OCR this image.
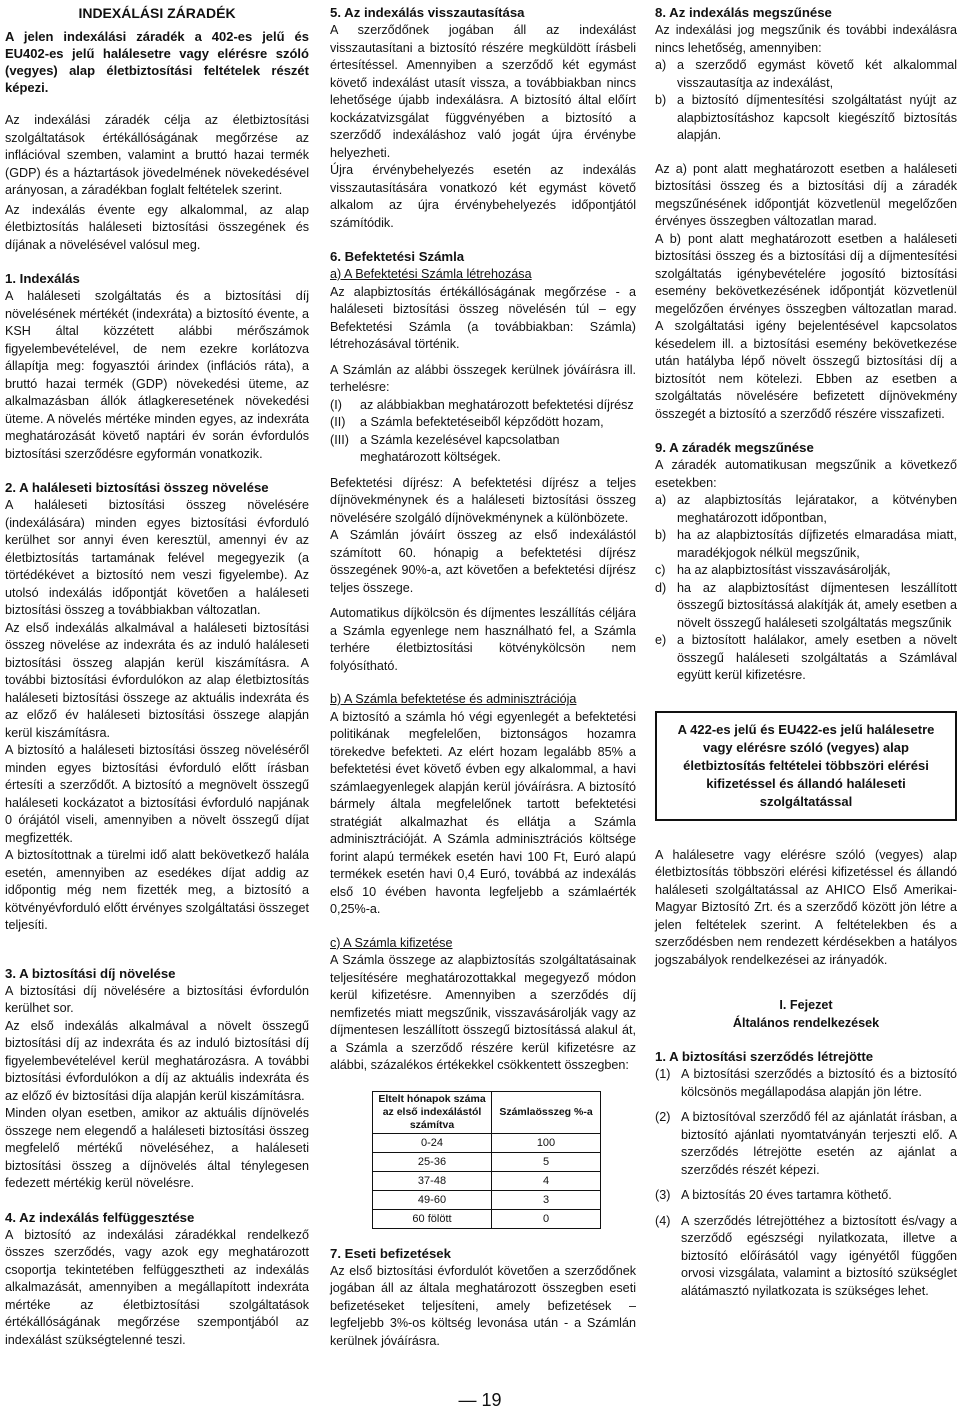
INDEXÁLÁSI ZÁRADÉK

A jelen indexálási záradék a 402-es jelű és EU402-es jelű halálesetre vagy elérésre szóló (vegyes) alap életbiztosítási feltételek részét képezi.

Az indexálási záradék célja az életbiztosítási szolgáltatások értékállóságának megőrzése az inflációval szemben, valamint a bruttó hazai termék (GDP) és a háztartások jövedelmének növekedésével arányosan, a záradékban foglalt feltételek szerint.

Az indexálás évente egy alkalommal, az alap életbiztosítás haláleseti biztosítási összegének és díjának a növelésével valósul meg.

1. Indexálás

A haláleseti szolgáltatás és a biztosítási díj növelésének mértékét (indexráta) a biztosító évente, a KSH által közzétett alábbi mérőszámok figyelembevételével, de nem ezekre korlátozva állapítja meg: fogyasztói árindex (inflációs ráta), a bruttó hazai termék (GDP) növekedési üteme, az alkalmazásban állók átlagkeresetének növekedési üteme. A növelés mértéke minden egyes, az indexráta meghatározását követő naptári év során évfordulós biztosítási szerződésre egyformán vonatkozik.

2. A haláleseti biztosítási összeg növelése

A haláleseti biztosítási összeg növelésére (indexálására) minden egyes biztosítási évforduló kerülhet sor annyi éven keresztül, amennyi év az életbiztosítás tartamának felével megegyezik (a törtédékévet a biztosító nem veszi figyelembe). Az utolsó indexálás időpontját követően a haláleseti biztosítási összeg a továbbiakban változatlan.

Az első indexálás alkalmával a haláleseti biztosítási összeg növelése az indexráta és az induló haláleseti biztosítási összeg alapján kerül kiszámításra. A további biztosítási évfordulókon az alap életbiztosítás haláleseti biztosítási összege az aktuális indexráta és az előző év haláleseti biztosítási összege alapján kerül kiszámításra.

A biztosító a haláleseti biztosítási összeg növeléséről minden egyes biztosítási évforduló előtt írásban értesíti a szerződőt. A biztosító a megnövelt összegű haláleseti kockázatot a biztosítási évforduló napjának 0 órájától viseli, amennyiben a növelt összegű díjat megfizették.

A biztosítottnak a türelmi idő alatt bekövetkező halála esetén, amennyiben az esedékes díjat addig az időpontig még nem fizették meg, a biztosító a kötvényévforduló előtt érvényes szolgáltatási összeget teljesíti.

3. A biztosítási díj növelése

A biztosítási díj növelésére a biztosítási évfordulón kerülhet sor.

Az első indexálás alkalmával a növelt összegű biztosítási díj az indexráta és az induló biztosítási díj figyelembevételével kerül meghatározásra. A további biztosítási évfordulókon a díj az aktuális indexráta és az előző év biztosítási díja alapján kerül kiszámításra.

Minden olyan esetben, amikor az aktuális díjnövelés összege nem elegendő a haláleseti biztosítási összeg megfelelő mértékű növeléséhez, a haláleseti biztosítási összeg a díjnövelés által ténylegesen fedezett mértékig kerül növelésre.

4. Az indexálás felfüggesztése

A biztosító az indexálási záradékkal rendelkező összes szerződés, vagy azok egy meghatározott csoportja tekintetében felfüggesztheti az indexálás alkalmazását, amennyiben a megállapított indexráta mértéke az életbiztosítási szolgáltatások értékállóságának megőrzése szempontjából az indexálást szükségtelenné teszi.

5. Az indexálás visszautasítása

A szerződőnek jogában áll az indexálást visszautasítani a biztosító részére megküldött írásbeli értesítéssel. Amennyiben a szerződő két egymást követő indexálást utasít vissza, a továbbiakban nincs lehetősége újabb indexálásra. A biztosító által előírt kockázatvizsgálat függvényében a biztosító a szerződő indexáláshoz való jogát újra érvénybe helyezheti.

Újra érvénybehelyezés esetén az indexálás visszautasítására vonatkozó két egymást követő alkalom az újra érvénybehelyezés időpontjától számítódik.

6. Befektetési Számla

a) A Befektetési Számla létrehozása

Az alapbiztosítás értékállóságának megőrzése - a haláleseti biztosítási összeg növelésén túl – egy Befektetési Számla (a továbbiakban: Számla) létrehozásával történik.

A Számlán az alábbi összegek kerülnek jóváírásra ill. terhelésre:

(I)	az alábbiakban meghatározott befektetési díjrész
(II)	a Számla befektetéseiből képződött hozam,
(III) a Számla kezelésével kapcsolatban meghatározott költségek.

Befektetési díjrész: A befektetési díjrész a teljes díjnövekménynek és a haláleseti biztosítási összeg növelésére szolgáló díjnövekménynek a különbözete.

A Számlán jóváírt összeg az első indexálástól számított 60. hónapig a befektetési díjrész összegének 90%-a, azt követően a befektetési díjrész teljes összege.

Automatikus díjkölcsön és díjmentes leszállítás céljára a Számla egyenlege nem használható fel, a Számla terhére életbiztosítási kötvénykölcsön nem folyósítható.

b) A Számla befektetése és adminisztrációja

A biztosító a számla hó végi egyenlegét a befektetési politikának megfelelően, biztonságos hozamra törekedve befekteti. Az elért hozam legalább 85% a befektetési évet követő évben egy alkalommal, a havi számlaegyenlegek alapján kerül jóváírásra. A biztosító bármely általa megfelelőnek tartott befektetési stratégiát alkalmazhat és ellátja a Számla adminisztrációját. A Számla adminisztrációs költsége forint alapú termékek esetén havi 100 Ft, Euró alapú termékek esetén havi 0,4 Euró, továbbá az indexálás első 10 évében havonta legfeljebb a számlaérték 0,25%-a.

c) A Számla kifizetése

A Számla összege az alapbiztosítás szolgáltatásainak teljesítésére meghatározottakkal megegyező módon kerül kifizetésre. Amennyiben a szerződés díj nemfizetés miatt megszűnik, visszavásárolják vagy az díjmentesen leszállított összegű biztosítássá alakul át, a Számla a szerződő részére kerül kifizetésre az alábbi, százalékos értékekkel csökkentett összegben:

Eltelt hónapok száma az első indexálástól számítva	Számlaösszeg %-a
0-24	100
25-36	5
37-48	4
49-60	3
60 fölött	0
7. Eseti befizetések

Az első biztosítási évfordulót követően a szerződőnek jogában áll az általa meghatározott összegben eseti befizetéseket teljesíteni, amely befizetések – legfeljebb 3%-os költség levonása után - a Számlán kerülnek jóváírásra.

8. Az indexálás megszűnése

Az indexálási jog megszűnik és további indexálásra nincs lehetőség, amennyiben:

a) a szerződő egymást követő két alkalommal visszautasítja az indexálást,
b) a biztosító díjmentesítési szolgáltatást nyújt az alapbiztosításhoz kapcsolt kiegészítő biztosítás alapján.

Az a) pont alatt meghatározott esetben a haláleseti biztosítási összeg és a biztosítási díj a záradék megszűnésének időpontját közvetlenül megelőzően érvényes összegben változatlan marad.

A b) pont alatt meghatározott esetben a haláleseti biztosítási összeg és a biztosítási díj a díjmentesítési szolgáltatás igénybevételére jogosító biztosítási esemény bekövetkezésének időpontját közvetlenül megelőzően érvényes összegben változatlan marad. A szolgáltatási igény bejelentésével kapcsolatos késedelem ill. a biztosítási esemény bekövetkezése után hatályba lépő növelt összegű biztosítási díj a biztosítót nem kötelezi. Ebben az esetben a szolgáltatás növelésére befizetett díjnövekmény összegét a biztosító a szerződő részére visszafizeti.

9. A záradék megszűnése

A záradék automatikusan megszűnik a következő esetekben:

a) az alapbiztosítás lejáratakor, a kötvényben meghatározott időpontban,
b) ha az alapbiztosítás díjfizetés elmaradása miatt, maradékjogok nélkül megszűnik,
c) ha az alapbiztosítást visszavásárolják,
d) ha az alapbiztosítást díjmentesen leszállított összegű biztosítássá alakítják át, amely esetben a növelt összegű haláleseti szolgáltatás megszűnik
e) a biztosított halálakor, amely esetben a növelt összegű haláleseti szolgáltatás a Számlával együtt kerül kifizetésre.
A 422-es jelű és EU422-es jelű halálesetre vagy elérésre szóló (vegyes) alap életbiztosítás feltételei többszöri elérési kifizetéssel és állandó haláleseti szolgáltatással

A halálesetre vagy elérésre szóló (vegyes) alap életbiztosítás többszöri elérési kifizetéssel és állandó haláleseti szolgáltatással az AHICO Első Amerikai-Magyar Biztosító Zrt. és a szerződő között jön létre a jelen feltételek szerint. A feltételekben és a szerződésben nem rendezett kérdésekben a hatályos jogszabályok rendelkezései az irányadók.

I. Fejezet

Általános rendelkezések

1. A biztosítási szerződés létrejötte
(1) A biztosítási szerződés a biztosító és a biztosító kölcsönös megállapodása alapján jön létre.
(2) A biztosítóval szerződő fél az ajánlatát írásban, a biztosító ajánlati nyomtatványán terjeszti elő. A szerződés létrejötte esetén az ajánlat a szerződés részét képezi.
(3) A biztosítás 20 éves tartamra köthető.
(4) A szerződés létrejöttéhez a biztosított és/vagy a szerződő egészségi nyilatkozata, illetve a biztosító előírásától vagy igényétől függően orvosi vizsgálata, valamint a biztosító szükséglet alátámasztó nyilatkozata is szükséges lehet.
— 19
